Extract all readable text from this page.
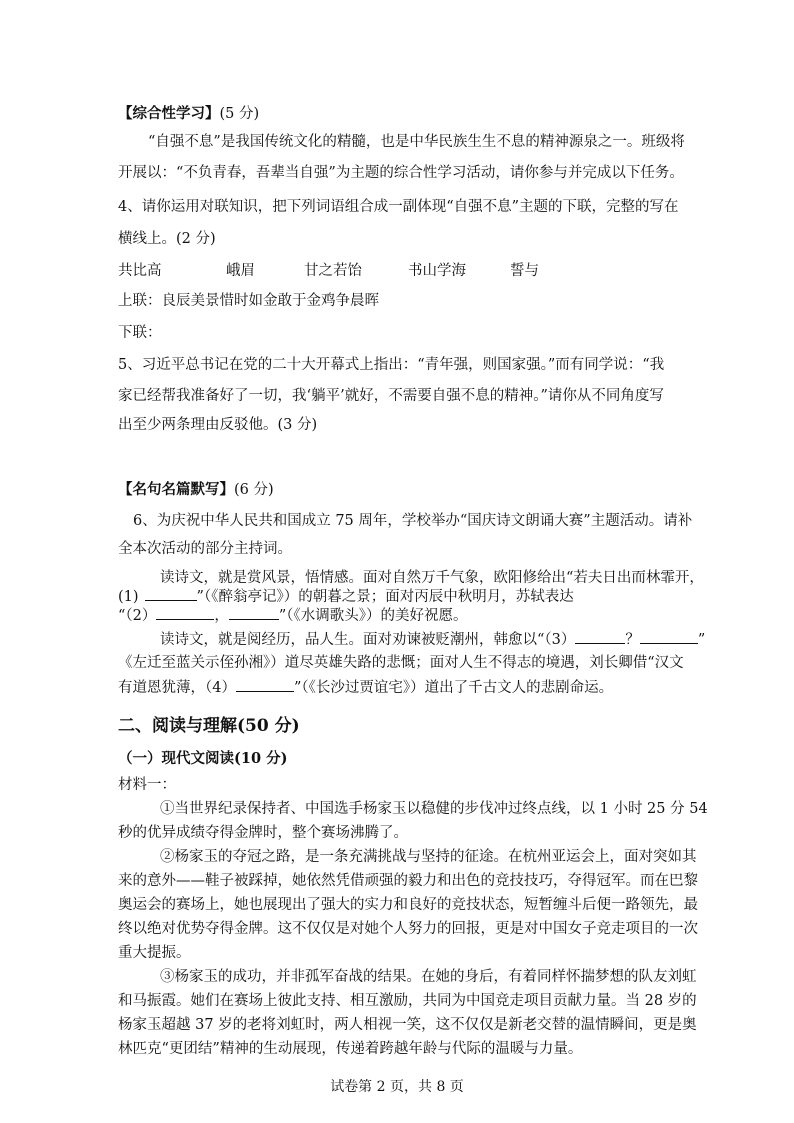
【综合性学习】(5 分)
“自强不息”是我国传统文化的精髓，也是中华民族生生不息的精神源泉之一。班级将
开展以：“不负青春，吾辈当自强”为主题的综合性学习活动，请你参与并完成以下任务。
4、请你运用对联知识，把下列词语组合成一副体现“自强不息”主题的下联，完整的写在
横线上。(2 分)
共比高	峨眉	甘之若饴	书山学海	誓与
上联：良辰美景惜时如金敢于金鸡争晨晖
下联：
5、习近平总书记在党的二十大开幕式上指出：“青年强，则国家强。”而有同学说：“我
家已经帮我准备好了一切，我‘躺平’就好，不需要自强不息的精神。”请你从不同角度写
出至少两条理由反驳他。(3 分)
【名句名篇默写】(6 分)
6、为庆祝中华人民共和国成立 75 周年，学校举办“国庆诗文朗诵大赛”主题活动。请补
全本次活动的部分主持词。
读诗文，就是赏风景，悟情感。面对自然万千气象，欧阳修给出“若夫日出而林霏开，
(1)	”（《醉翁亭记》）的朝暮之景；面对丙辰中秋明月，苏轼表达
“（2）	，	”（《水调歌头》）的美好祝愿。
读诗文，就是阅经历，品人生。面对劝谏被贬潮州，韩愈以“（3）	？	”
《左迁至蓝关示侄孙湘》）道尽英雄失路的悲慨；面对人生不得志的境遇，刘长卿借“汉文
有道恩犹薄，（4）	”（《长沙过贾谊宅》）道出了千古文人的悲剧命运。
二、阅读与理解(50 分)
（一）现代文阅读(10 分)
材料一：
①当世界纪录保持者、中国选手杨家玉以稳健的步伐冲过终点线，以 1 小时 25 分 54
秒的优异成绩夺得金牌时，整个赛场沸腾了。
②杨家玉的夺冠之路，是一条充满挑战与坚持的征途。在杭州亚运会上，面对突如其
来的意外——鞋子被踩掉，她依然凭借顽强的毅力和出色的竞技技巧，夺得冠军。而在巴黎
奥运会的赛场上，她也展现出了强大的实力和良好的竞技状态，短暂缠斗后便一路领先，最
终以绝对优势夺得金牌。这不仅仅是对她个人努力的回报，更是对中国女子竞走项目的一次
重大提振。
③杨家玉的成功，并非孤军奋战的结果。在她的身后，有着同样怀揣梦想的队友刘虹
和马振霞。她们在赛场上彼此支持、相互激励，共同为中国竞走项目贡献力量。当 28 岁的
杨家玉超越 37 岁的老将刘虹时，两人相视一笑，这不仅仅是新老交替的温情瞬间，更是奥
林匹克“更团结”精神的生动展现，传递着跨越年龄与代际的温暖与力量。
试卷第 2 页，共 8 页
